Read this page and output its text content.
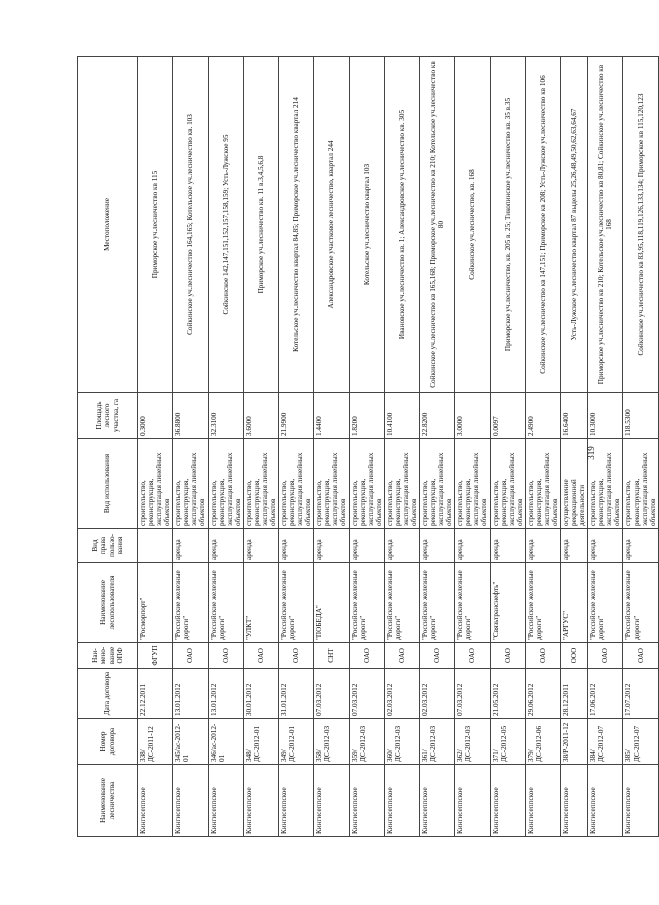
Наименование лесничества	Номер договора	Дата договора	Наи-мено-вание ОПФ	Наименование лесопользователя	Вид права пользо-вания	Вид использования	Площадь лесного участка, га	Местоположение
Кингисеппское	338/ДС-2011-12	22.12.2011	ФГУП	"Росморпорт"		строительство, реконструкция, эксплуатация линейных объектов	0.3000	Приморское уч.лесничество кв 115
Кингисеппское	345/ас-2012-01	13.01.2012	ОАО	"Российские железные дороги"	аренда	строительство, реконструкция, эксплуатация линейных объектов	36.8800	Сойкинское уч.лесничество 164,165; Котельское уч.лесничество кв. 103
Кингисеппское	346/ас-2012-01	13.01.2012	ОАО	"Российские железные дороги"	аренда	строительство, реконструкция, эксплуатация линейных объектов	32.3100	Сойкинское 142,147,151,152,157,158,159; Усть-Лужское 95
Кингисеппское	348/ДС-2012-01	30.01.2012	ОАО	"УЛКТ"	аренда	строительство, реконструкция, эксплуатация линейных объектов	3.6000	Приморское уч.лесничество кв. 11 в.3,4,5,6,8
Кингисеппское	349/ДС-2012-01	31.01.2012	ОАО	"Российские железные дороги"	аренда	строительство, реконструкция, эксплуатация линейных объектов	21.9900	Котельское уч.лесничество квартал 84,85; Приморское уч.лесничество квартал 214
Кингисеппское	358/ДС-2012-03	07.03.2012	СНТ	"ПОБЕДА"	аренда	строительство, реконструкция, эксплуатация линейных объектов	1.4400	Александровское участковое лесничество, квартал 244
Кингисеппское	359/ДС-2012-03	07.03.2012	ОАО	"Российские железные дороги"	аренда	строительство, реконструкция, эксплуатация линейных объектов	1.8200	Котельское уч.лесничество квартал 103
Кингисеппское	360/ДС-2012-03	02.03.2012	ОАО	"Российские железные дороги"	аренда	строительство, реконструкция, эксплуатация линейных объектов	10.4100	Ивановское уч.лесничество кв. 1; Александровское уч.лесничество кв. 305
Кингисеппское	361/ДС-2012-03	02.03.2012	ОАО	"Российские железные дороги"	аренда	строительство, реконструкция, эксплуатация линейных объектов	22.8200	Сойкинское уч.лесничество кв 165,168; Приморское уч.лесничество кв 210; Котельское уч.лесничество кв 80
Кингисеппское	362/ДС-2012-03	07.03.2012	ОАО	"Российские железные дороги"	аренда	строительство, реконструкция, эксплуатация линейных объектов	3.0000	Сойкинское уч.лесничество, кв. 168
Кингисеппское	371/ДС-2012-05	21.05.2012	ОАО	"Связьтранснефть"	аренда	строительство, реконструкция, эксплуатация линейных объектов	0.0097	Приморское уч.лесничество, кв. 205 в. 25; Тикопинское уч.лесничество кв. 35 в.35
Кингисеппское	379/ДС-2012-06	29.06.2012	ОАО	"Российские железные дороги"	аренда	строительство, реконструкция, эксплуатация линейных объектов	2.4900	Сойкинское уч.лесничество кв 147,151; Приморское кв 208; Усть-Лужское уч.лесничество кв 106
Кингисеппское	38/Р-2011-12	28.12.2011	ООО	"АРГУС"	аренда	осуществление рекреационной деятельности	16.6400	Усть-Лужское уч.лесничество квартал 87 выделы 25,26,48,49,50,62,63,64,67
Кингисеппское	384/ДС-2012-07	17.06.2012	ОАО	"Российские железные дороги"	аренда	строительство, реконструкция, эксплуатация линейных объектов	10.3000	Приморское уч.лесничество кв 210; Котельское уч.лесничество кв 80,81; Сойкинское уч.лесничество кв 168
Кингисеппское	385/ДС-2012-07	17.07.2012	ОАО	"Российские железные дороги"	аренда	строительство, реконструкция, эксплуатация линейных объектов	118.5300	Сойкинское уч.лесничество кв 83,95,118,119,126,133,134; Приморское кв 115,120,123
319
